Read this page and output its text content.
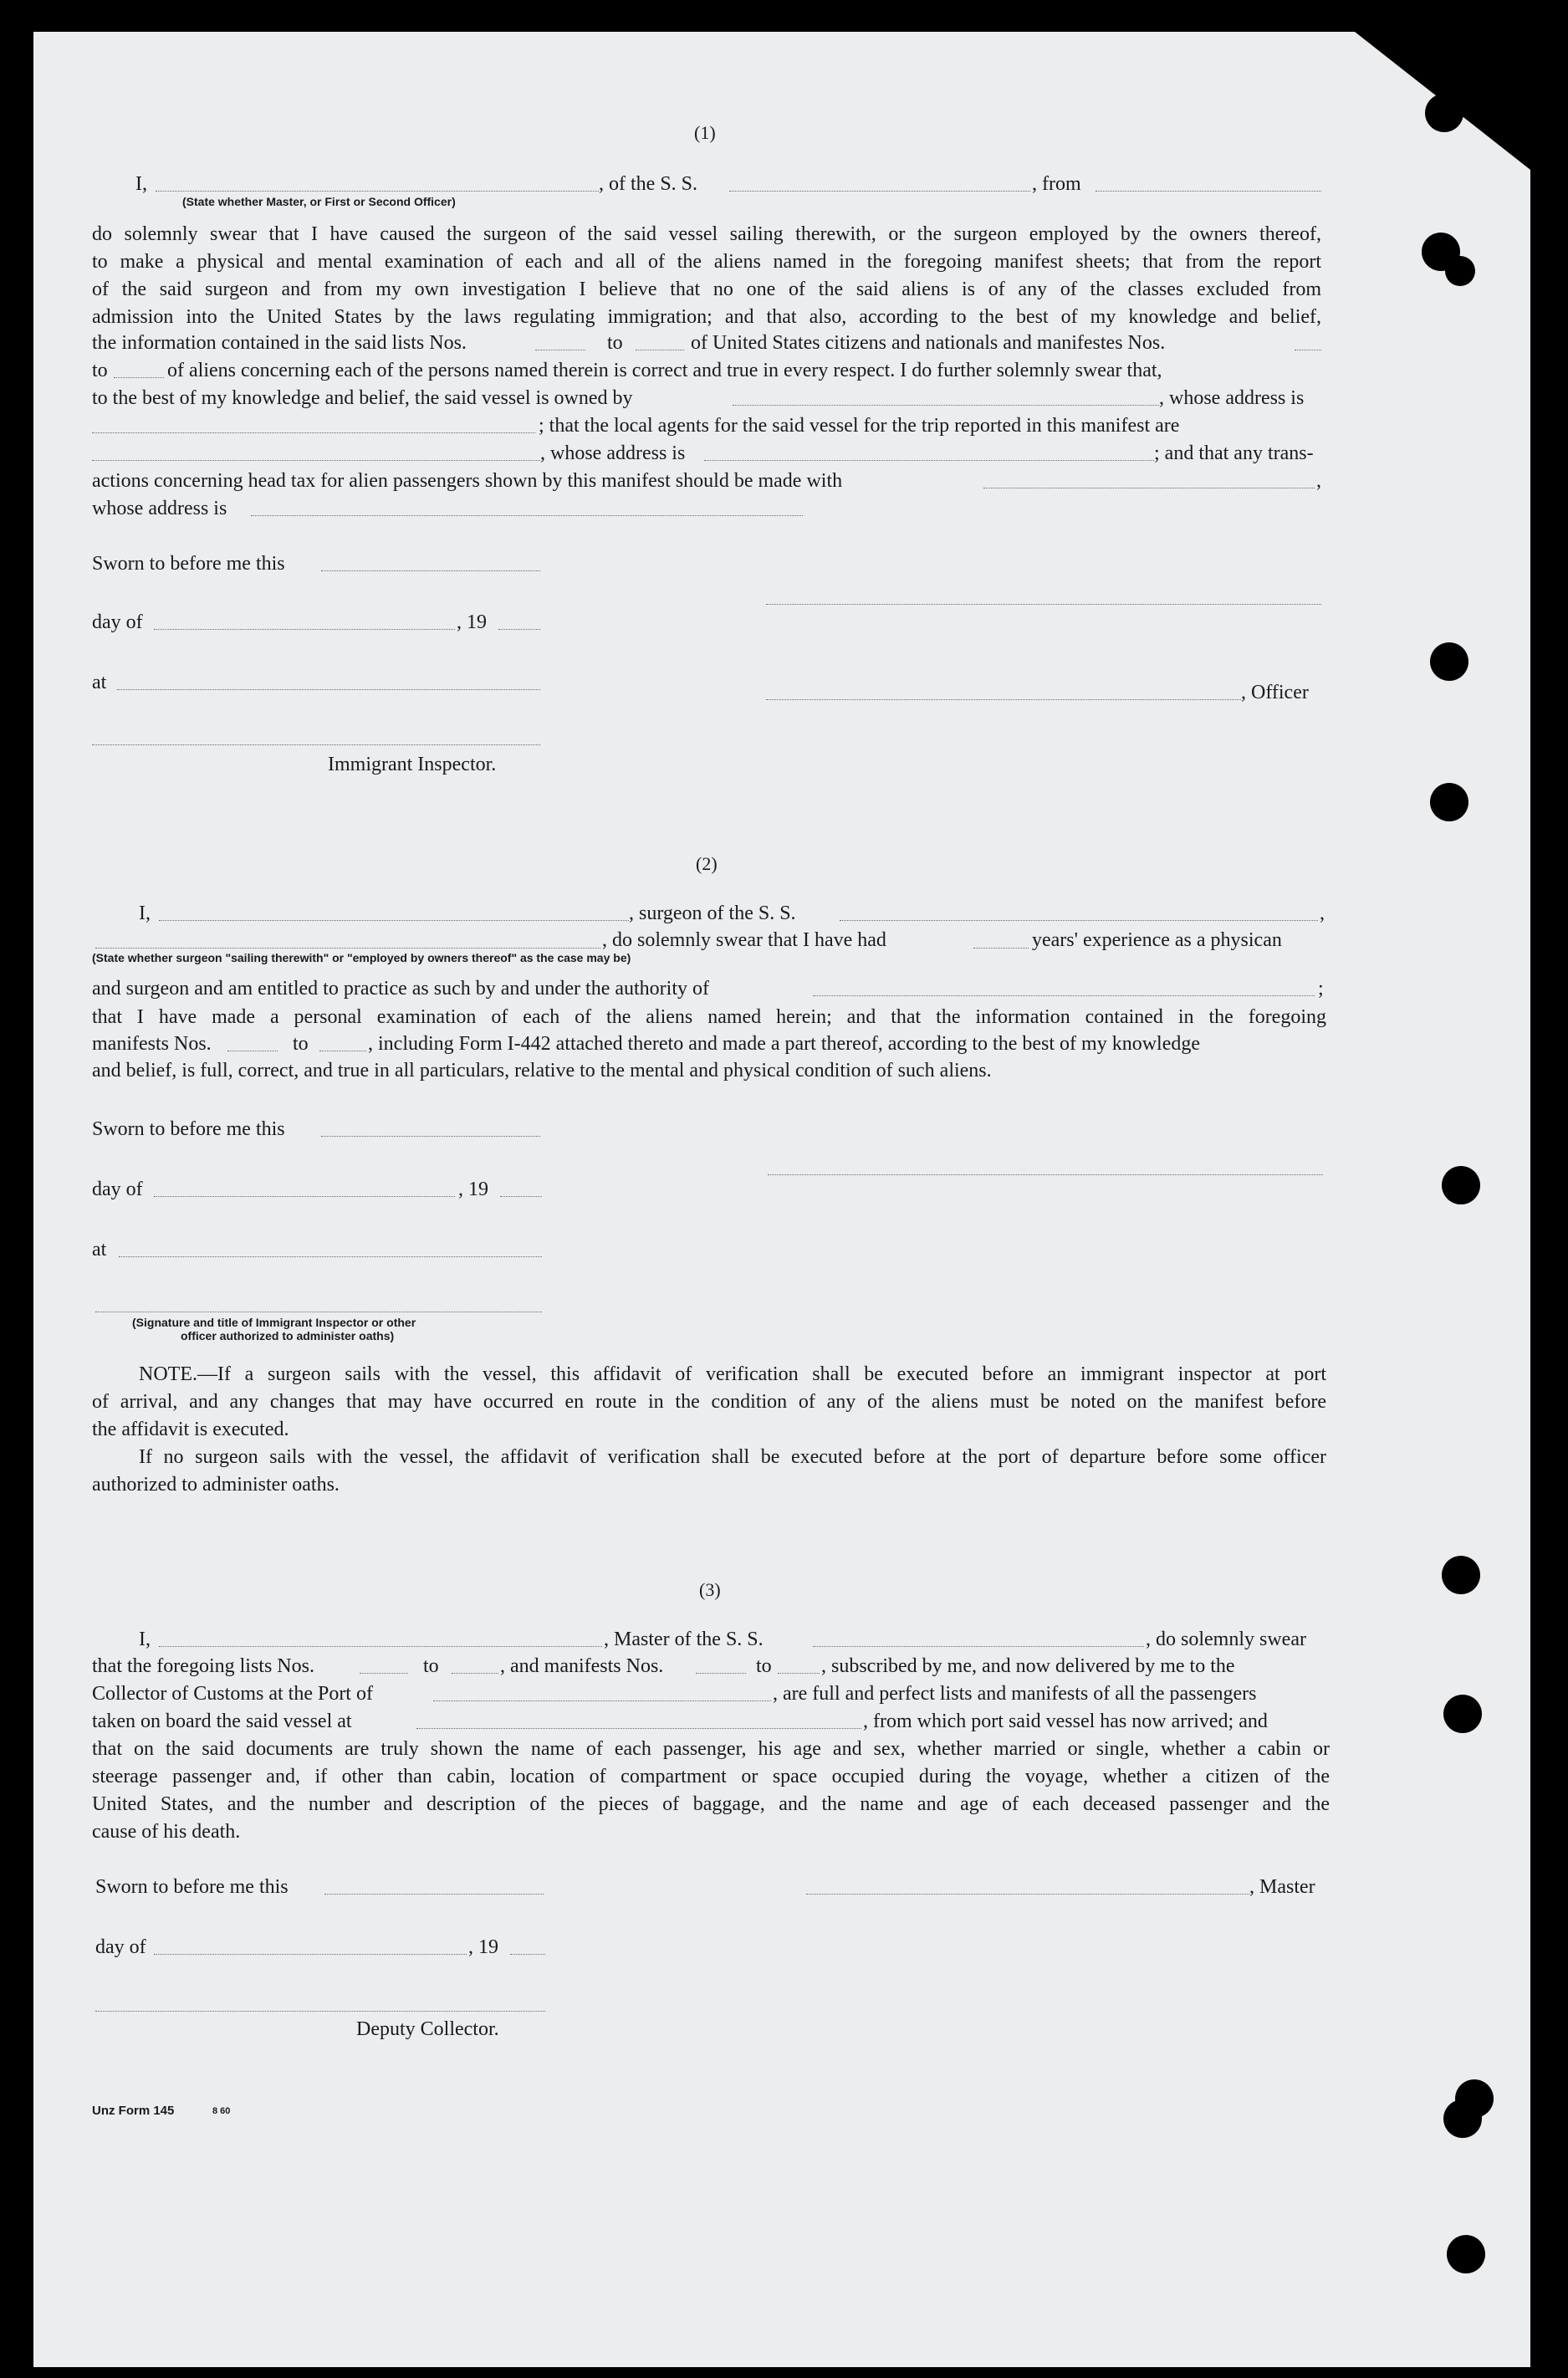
(1)
I,	, of the S. S.	, from
(State whether Master, or First or Second Officer)
do solemnly swear that I have caused the surgeon of the said vessel sailing therewith, or the surgeon employed by the owners thereof,
to make a physical and mental examination of each and all of the aliens named in the foregoing manifest sheets; that from the report
of the said surgeon and from my own investigation I believe that no one of the said aliens is of any of the classes excluded from
admission into the United States by the laws regulating immigration; and that also, according to the best of my knowledge and belief,
the information contained in the said lists Nos.	to	of United States citizens and nationals and manifestes Nos.
to	of aliens concerning each of the persons named therein is correct and true in every respect. I do further solemnly swear that,
to the best of my knowledge and belief, the said vessel is owned by	, whose address is
; that the local agents for the said vessel for the trip reported in this manifest are
, whose address is	; and that any trans-
actions concerning head tax for alien passengers shown by this manifest should be made with	,
whose address is
Sworn to before me this
day of	, 19
at	, Officer
Immigrant Inspector.
(2)
I,	, surgeon of the S. S.	,
, do solemnly swear that I have had	years' experience as a physican
(State whether surgeon "sailing therewith" or "employed by owners thereof" as the case may be)
and surgeon and am entitled to practice as such by and under the authority of	;
that I have made a personal examination of each of the aliens named herein; and that the information contained in the foregoing
manifests Nos.	to	, including Form I-442 attached thereto and made a part thereof, according to the best of my knowledge
and belief, is full, correct, and true in all particulars, relative to the mental and physical condition of such aliens.
Sworn to before me this
day of	, 19
at
(Signature and title of Immigrant Inspector or other
officer authorized to administer oaths)
NOTE.—If a surgeon sails with the vessel, this affidavit of verification shall be executed before an immigrant inspector at port
of arrival, and any changes that may have occurred en route in the condition of any of the aliens must be noted on the manifest before
the affidavit is executed.
If no surgeon sails with the vessel, the affidavit of verification shall be executed before at the port of departure before some officer
authorized to administer oaths.
(3)
I,	, Master of the S. S.	, do solemnly swear
that the foregoing lists Nos.	to	, and manifests Nos.	to , subscribed by me, and now delivered by me to the
Collector of Customs at the Port of	, are full and perfect lists and manifests of all the passengers
taken on board the said vessel at	, from which port said vessel has now arrived; and
that on the said documents are truly shown the name of each passenger, his age and sex, whether married or single, whether a cabin or
steerage passenger and, if other than cabin, location of compartment or space occupied during the voyage, whether a citizen of the
United States, and the number and description of the pieces of baggage, and the name and age of each deceased passenger and the
cause of his death.
Sworn to before me this	, Master
day of	, 19
Deputy Collector.
Unz Form 145	8 60
